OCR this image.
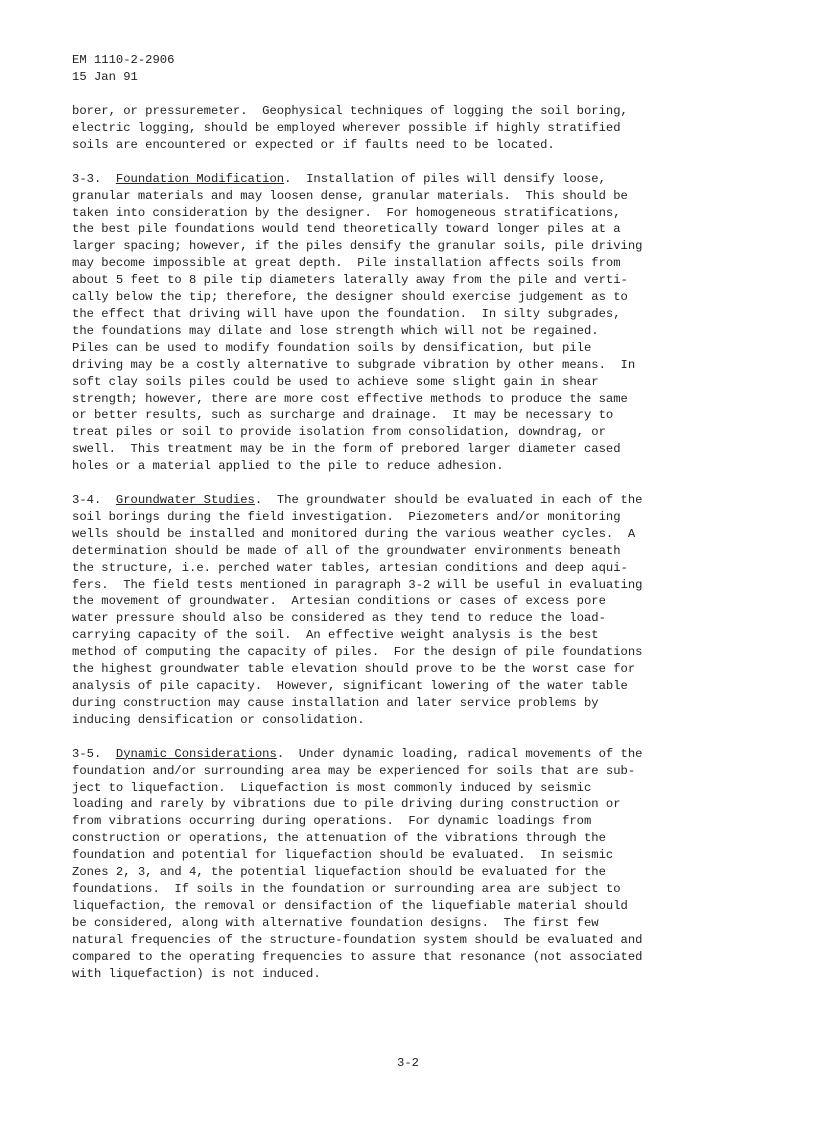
EM 1110-2-2906
15 Jan 91
borer, or pressuremeter.  Geophysical techniques of logging the soil boring,
electric logging, should be employed wherever possible if highly stratified
soils are encountered or expected or if faults need to be located.
3-3. Foundation Modification.  Installation of piles will densify loose,
granular materials and may loosen dense, granular materials.  This should be
taken into consideration by the designer.  For homogeneous stratifications,
the best pile foundations would tend theoretically toward longer piles at a
larger spacing; however, if the piles densify the granular soils, pile driving
may become impossible at great depth.  Pile installation affects soils from
about 5 feet to 8 pile tip diameters laterally away from the pile and verti-
cally below the tip; therefore, the designer should exercise judgement as to
the effect that driving will have upon the foundation.  In silty subgrades,
the foundations may dilate and lose strength which will not be regained.
Piles can be used to modify foundation soils by densification, but pile
driving may be a costly alternative to subgrade vibration by other means.  In
soft clay soils piles could be used to achieve some slight gain in shear
strength; however, there are more cost effective methods to produce the same
or better results, such as surcharge and drainage.  It may be necessary to
treat piles or soil to provide isolation from consolidation, downdrag, or
swell.  This treatment may be in the form of prebored larger diameter cased
holes or a material applied to the pile to reduce adhesion.
3-4. Groundwater Studies.  The groundwater should be evaluated in each of the
soil borings during the field investigation.  Piezometers and/or monitoring
wells should be installed and monitored during the various weather cycles.  A
determination should be made of all of the groundwater environments beneath
the structure, i.e. perched water tables, artesian conditions and deep aqui-
fers.  The field tests mentioned in paragraph 3-2 will be useful in evaluating
the movement of groundwater.  Artesian conditions or cases of excess pore
water pressure should also be considered as they tend to reduce the load-
carrying capacity of the soil.  An effective weight analysis is the best
method of computing the capacity of piles.  For the design of pile foundations
the highest groundwater table elevation should prove to be the worst case for
analysis of pile capacity.  However, significant lowering of the water table
during construction may cause installation and later service problems by
inducing densification or consolidation.
3-5. Dynamic Considerations.  Under dynamic loading, radical movements of the
foundation and/or surrounding area may be experienced for soils that are sub-
ject to liquefaction.  Liquefaction is most commonly induced by seismic
loading and rarely by vibrations due to pile driving during construction or
from vibrations occurring during operations.  For dynamic loadings from
construction or operations, the attenuation of the vibrations through the
foundation and potential for liquefaction should be evaluated.  In seismic
Zones 2, 3, and 4, the potential liquefaction should be evaluated for the
foundations.  If soils in the foundation or surrounding area are subject to
liquefaction, the removal or densifaction of the liquefiable material should
be considered, along with alternative foundation designs.  The first few
natural frequencies of the structure-foundation system should be evaluated and
compared to the operating frequencies to assure that resonance (not associated
with liquefaction) is not induced.
3-2
